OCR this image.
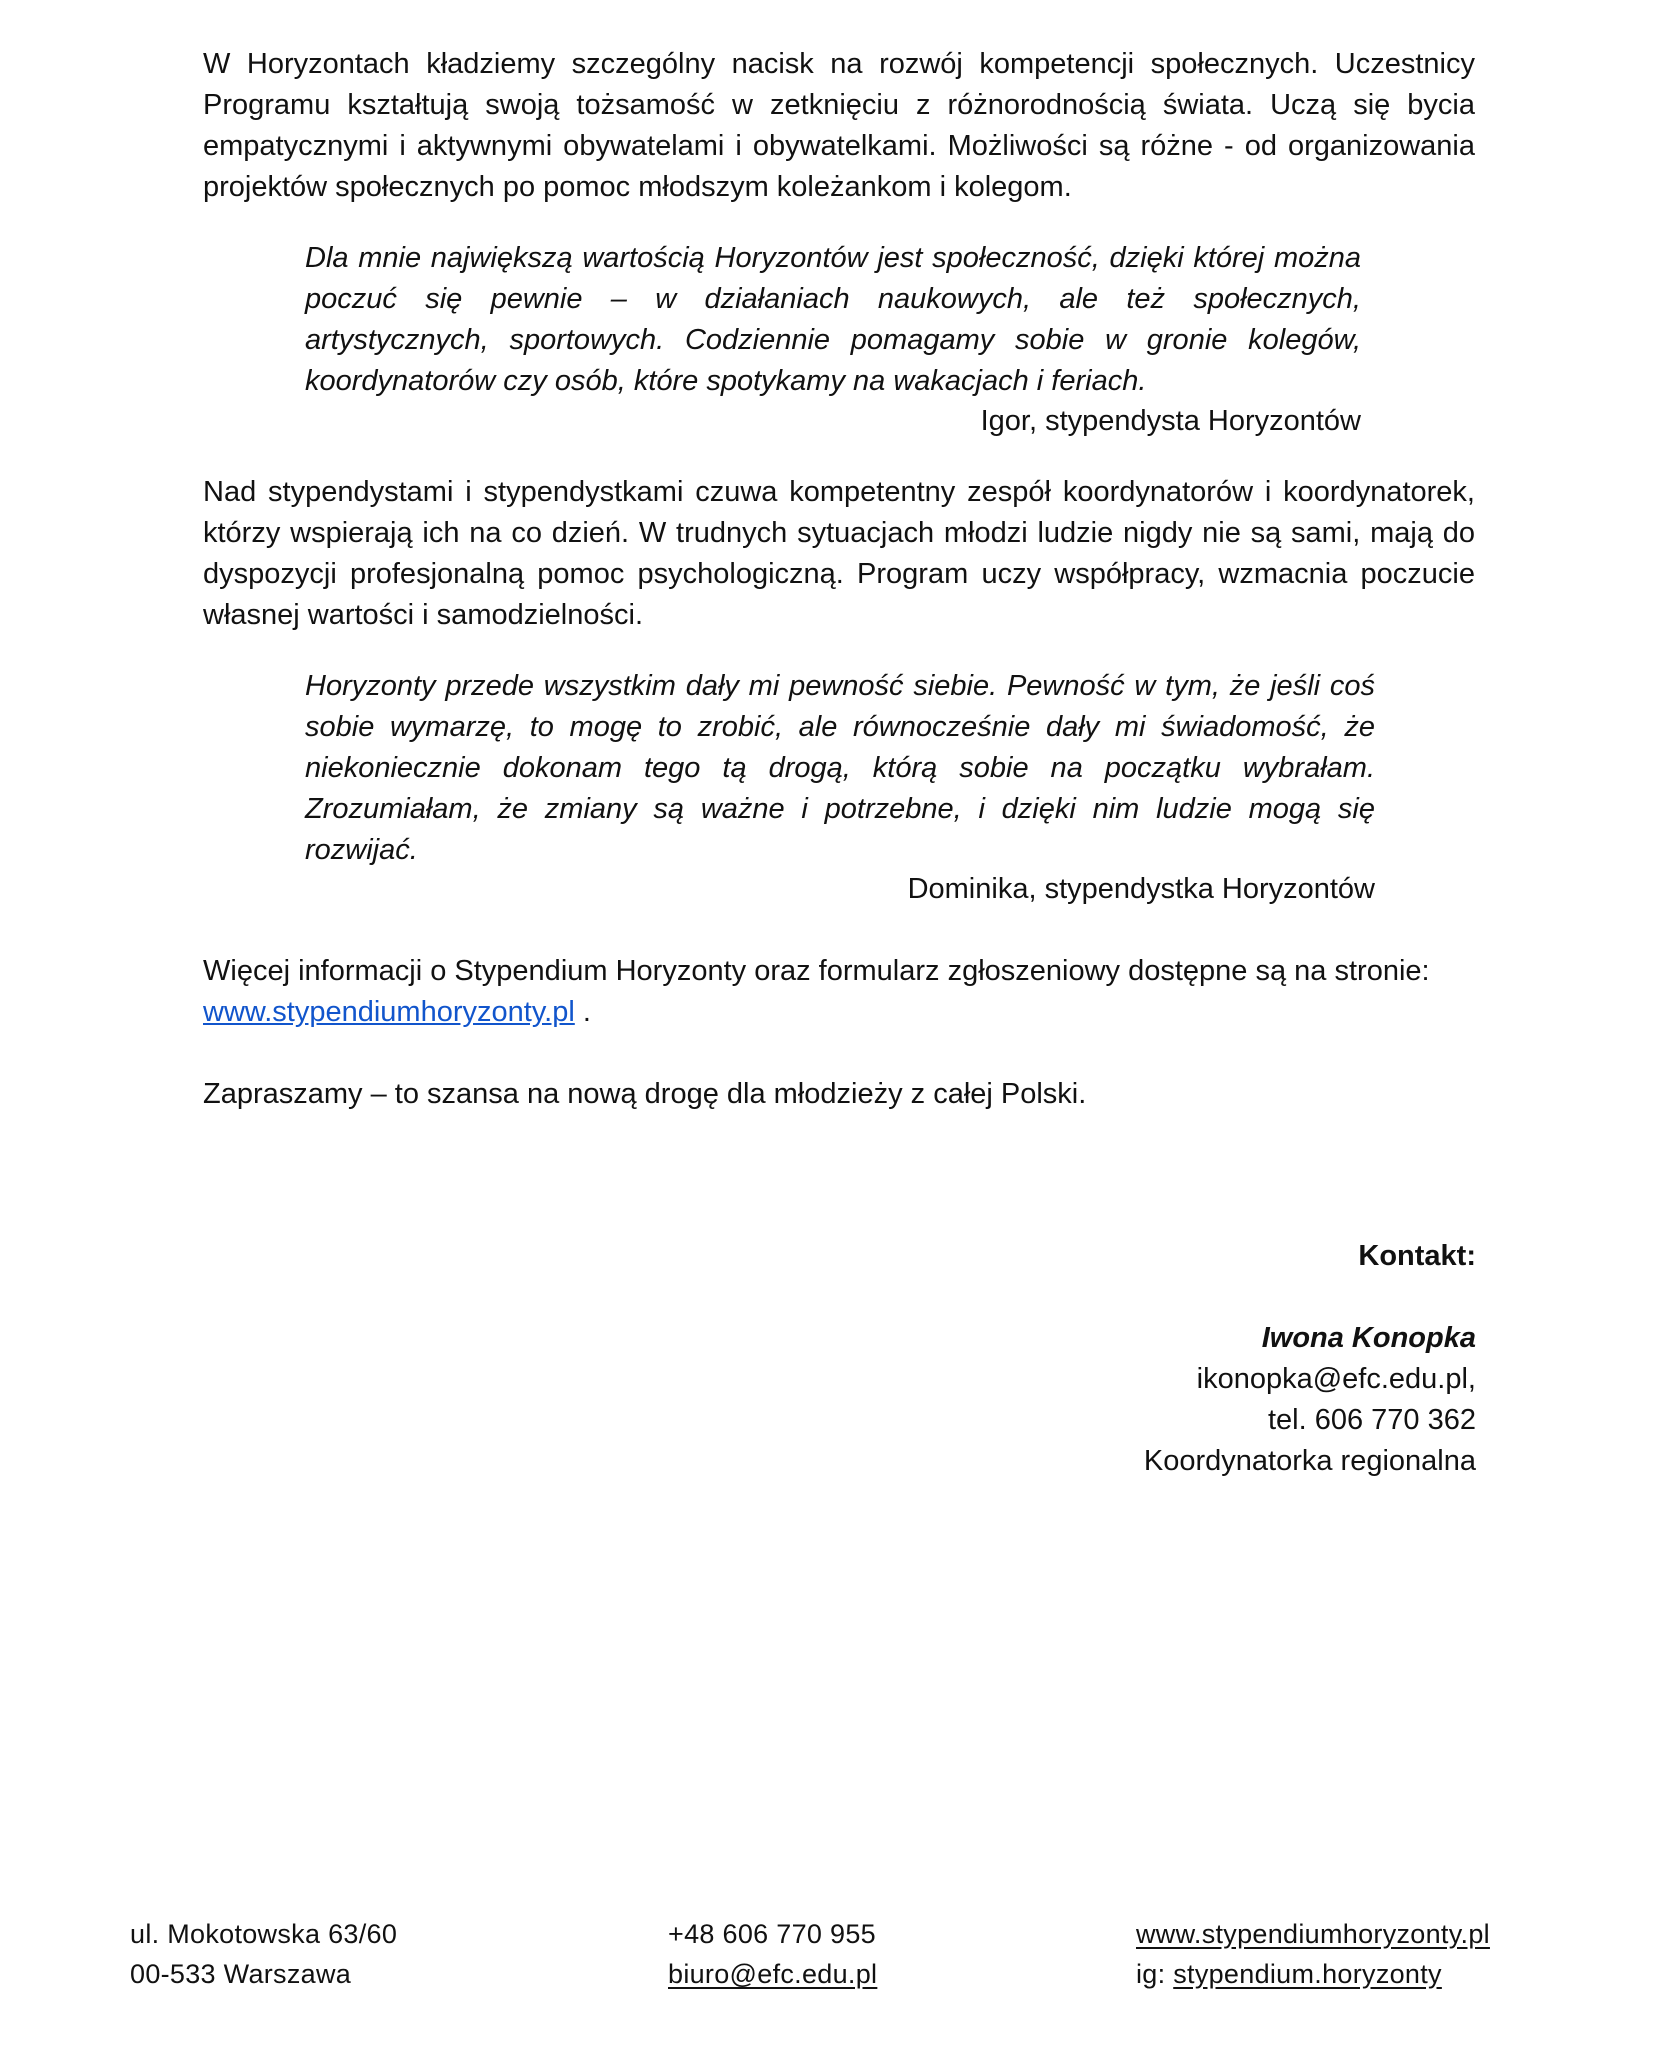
W Horyzontach kładziemy szczególny nacisk na rozwój kompetencji społecznych. Uczestnicy Programu kształtują swoją tożsamość w zetknięciu z różnorodnością świata. Uczą się bycia empatycznymi i aktywnymi obywatelami i obywatelkami. Możliwości są różne - od organizowania projektów społecznych po pomoc młodszym koleżankom i kolegom.

Dla mnie największą wartością Horyzontów jest społeczność, dzięki której można poczuć się pewnie – w działaniach naukowych, ale też społecznych, artystycznych, sportowych. Codziennie pomagamy sobie w gronie kolegów, koordynatorów czy osób, które spotykamy na wakacjach i feriach.

Igor, stypendysta Horyzontów

Nad stypendystami i stypendystkami czuwa kompetentny zespół koordynatorów i koordynatorek, którzy wspierają ich na co dzień. W trudnych sytuacjach młodzi ludzie nigdy nie są sami, mają do dyspozycji profesjonalną pomoc psychologiczną. Program uczy współpracy, wzmacnia poczucie własnej wartości i samodzielności.

Horyzonty przede wszystkim dały mi pewność siebie. Pewność w tym, że jeśli coś sobie wymarzę, to mogę to zrobić, ale równocześnie dały mi świadomość, że niekoniecznie dokonam tego tą drogą, którą sobie na początku wybrałam. Zrozumiałam, że zmiany są ważne i potrzebne, i dzięki nim ludzie mogą się rozwijać.

Dominika, stypendystka Horyzontów

Więcej informacji o Stypendium Horyzonty oraz formularz zgłoszeniowy dostępne są na stronie: www.stypendiumhoryzonty.pl .

Zapraszamy – to szansa na nową drogę dla młodzieży z całej Polski.

Kontakt:

Iwona Konopka

ikonopka@efc.edu.pl,

tel. 606 770 362

Koordynatorka regionalna

ul. Mokotowska 63/60
00-533 Warszawa
+48 606 770 955
biuro@efc.edu.pl
www.stypendiumhoryzonty.pl
ig: stypendium.horyzonty
